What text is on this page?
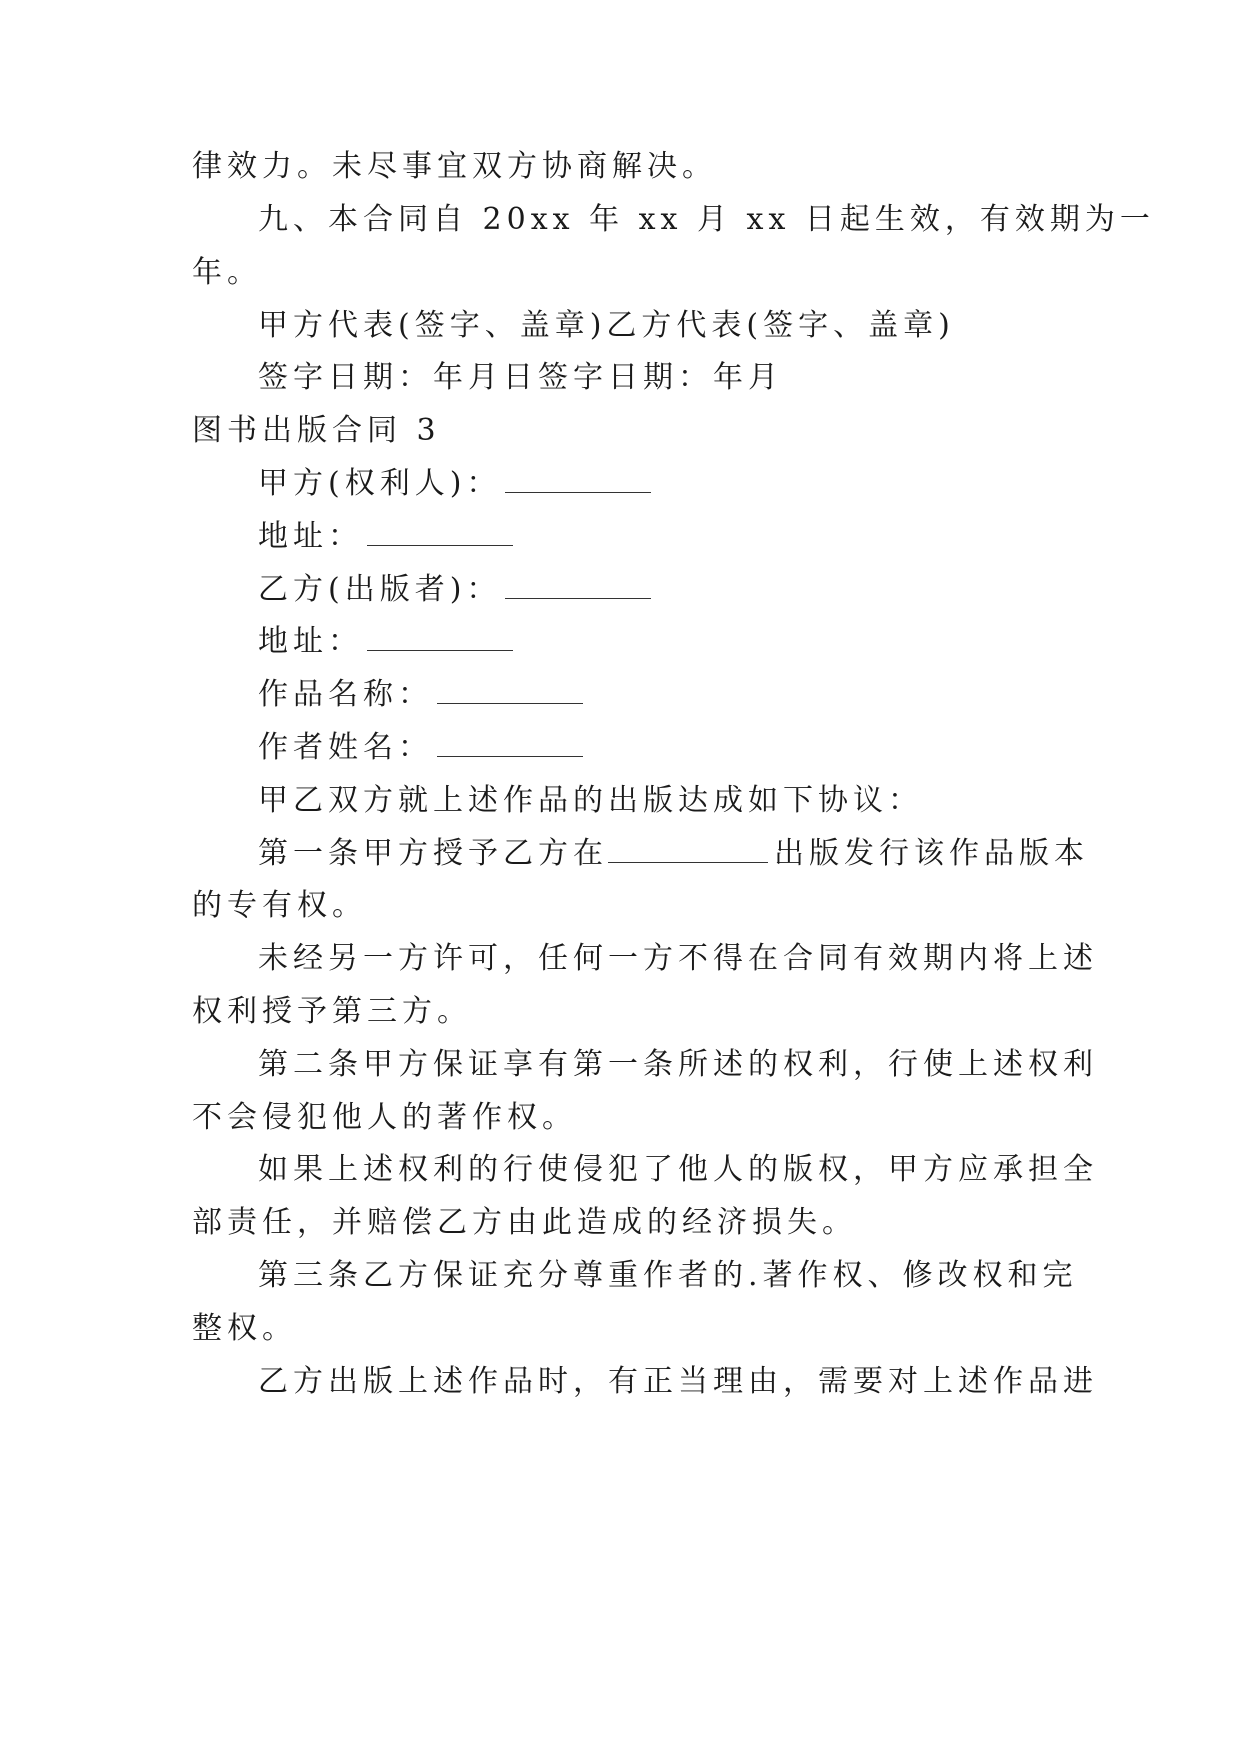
律效力。未尽事宜双方协商解决。
九、本合同自 20xx 年 xx 月 xx 日起生效，有效期为一
年。
甲方代表(签字、盖章)乙方代表(签字、盖章)
签字日期：年月日签字日期：年月
图书出版合同 3
甲方(权利人)：
地址：
乙方(出版者)：
地址：
作品名称：
作者姓名：
甲乙双方就上述作品的出版达成如下协议：
第一条甲方授予乙方在	出版发行该作品版本
的专有权。
未经另一方许可，任何一方不得在合同有效期内将上述
权利授予第三方。
第二条甲方保证享有第一条所述的权利，行使上述权利
不会侵犯他人的著作权。
如果上述权利的行使侵犯了他人的版权，甲方应承担全
部责任，并赔偿乙方由此造成的经济损失。
第三条乙方保证充分尊重作者的.著作权、修改权和完
整权。
乙方出版上述作品时，有正当理由，需要对上述作品进
